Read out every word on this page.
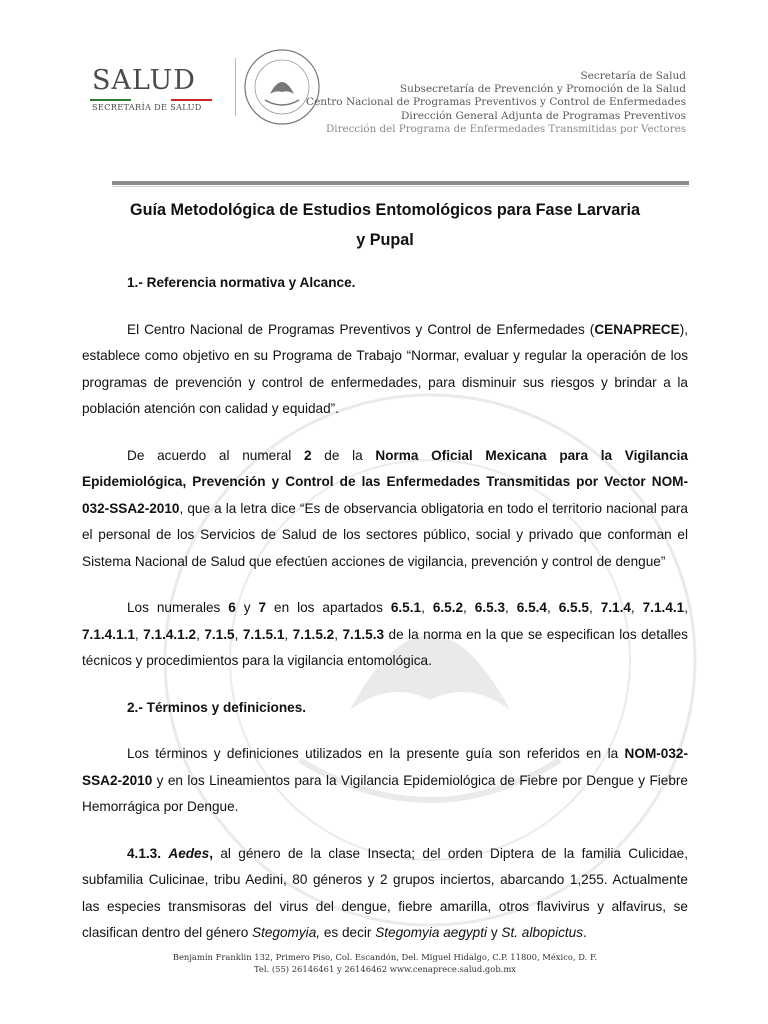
SALUD
SECRETARÍA DE SALUD
Secretaría de Salud
Subsecretaría de Prevención y Promoción de la Salud
Centro Nacional de Programas Preventivos y Control de Enfermedades
Dirección General Adjunta de Programas Preventivos
Dirección del Programa de Enfermedades Transmitidas por Vectores
Guía Metodológica de Estudios Entomológicos para Fase Larvaria
y Pupal
1.- Referencia normativa y Alcance.

El Centro Nacional de Programas Preventivos y Control de Enfermedades (CENAPRECE), establece como objetivo en su Programa de Trabajo “Normar, evaluar y regular la operación de los programas de prevención y control de enfermedades, para disminuir sus riesgos y brindar a la población atención con calidad y equidad”.

De acuerdo al numeral 2 de la Norma Oficial Mexicana para la Vigilancia Epidemiológica, Prevención y Control de las Enfermedades Transmitidas por Vector NOM-032-SSA2-2010, que a la letra dice “Es de observancia obligatoria en todo el territorio nacional para el personal de los Servicios de Salud de los sectores público, social y privado que conforman el Sistema Nacional de Salud que efectúen acciones de vigilancia, prevención y control de dengue”

Los numerales 6 y 7 en los apartados 6.5.1, 6.5.2, 6.5.3, 6.5.4, 6.5.5, 7.1.4, 7.1.4.1, 7.1.4.1.1, 7.1.4.1.2, 7.1.5, 7.1.5.1, 7.1.5.2, 7.1.5.3 de la norma en la que se especifican los detalles técnicos y procedimientos para la vigilancia entomológica.

2.- Términos y definiciones.

Los términos y definiciones utilizados en la presente guía son referidos en la NOM-032-SSA2-2010 y en los Lineamientos para la Vigilancia Epidemiológica de Fiebre por Dengue y Fiebre Hemorrágica por Dengue.

4.1.3. Aedes, al género de la clase Insecta; del orden Diptera de la familia Culicidae, subfamilia Culicinae, tribu Aedini, 80 géneros y 2 grupos inciertos, abarcando 1,255. Actualmente las especies transmisoras del virus del dengue, fiebre amarilla, otros flavivirus y alfavirus, se clasifican dentro del género Stegomyia, es decir Stegomyia aegypti y St. albopictus.

Benjamín Franklin 132, Primero Piso, Col. Escandón, Del. Miguel Hidalgo, C.P. 11800, México, D. F.
Tel. (55) 26146461 y 26146462 www.cenaprece.salud.gob.mx
